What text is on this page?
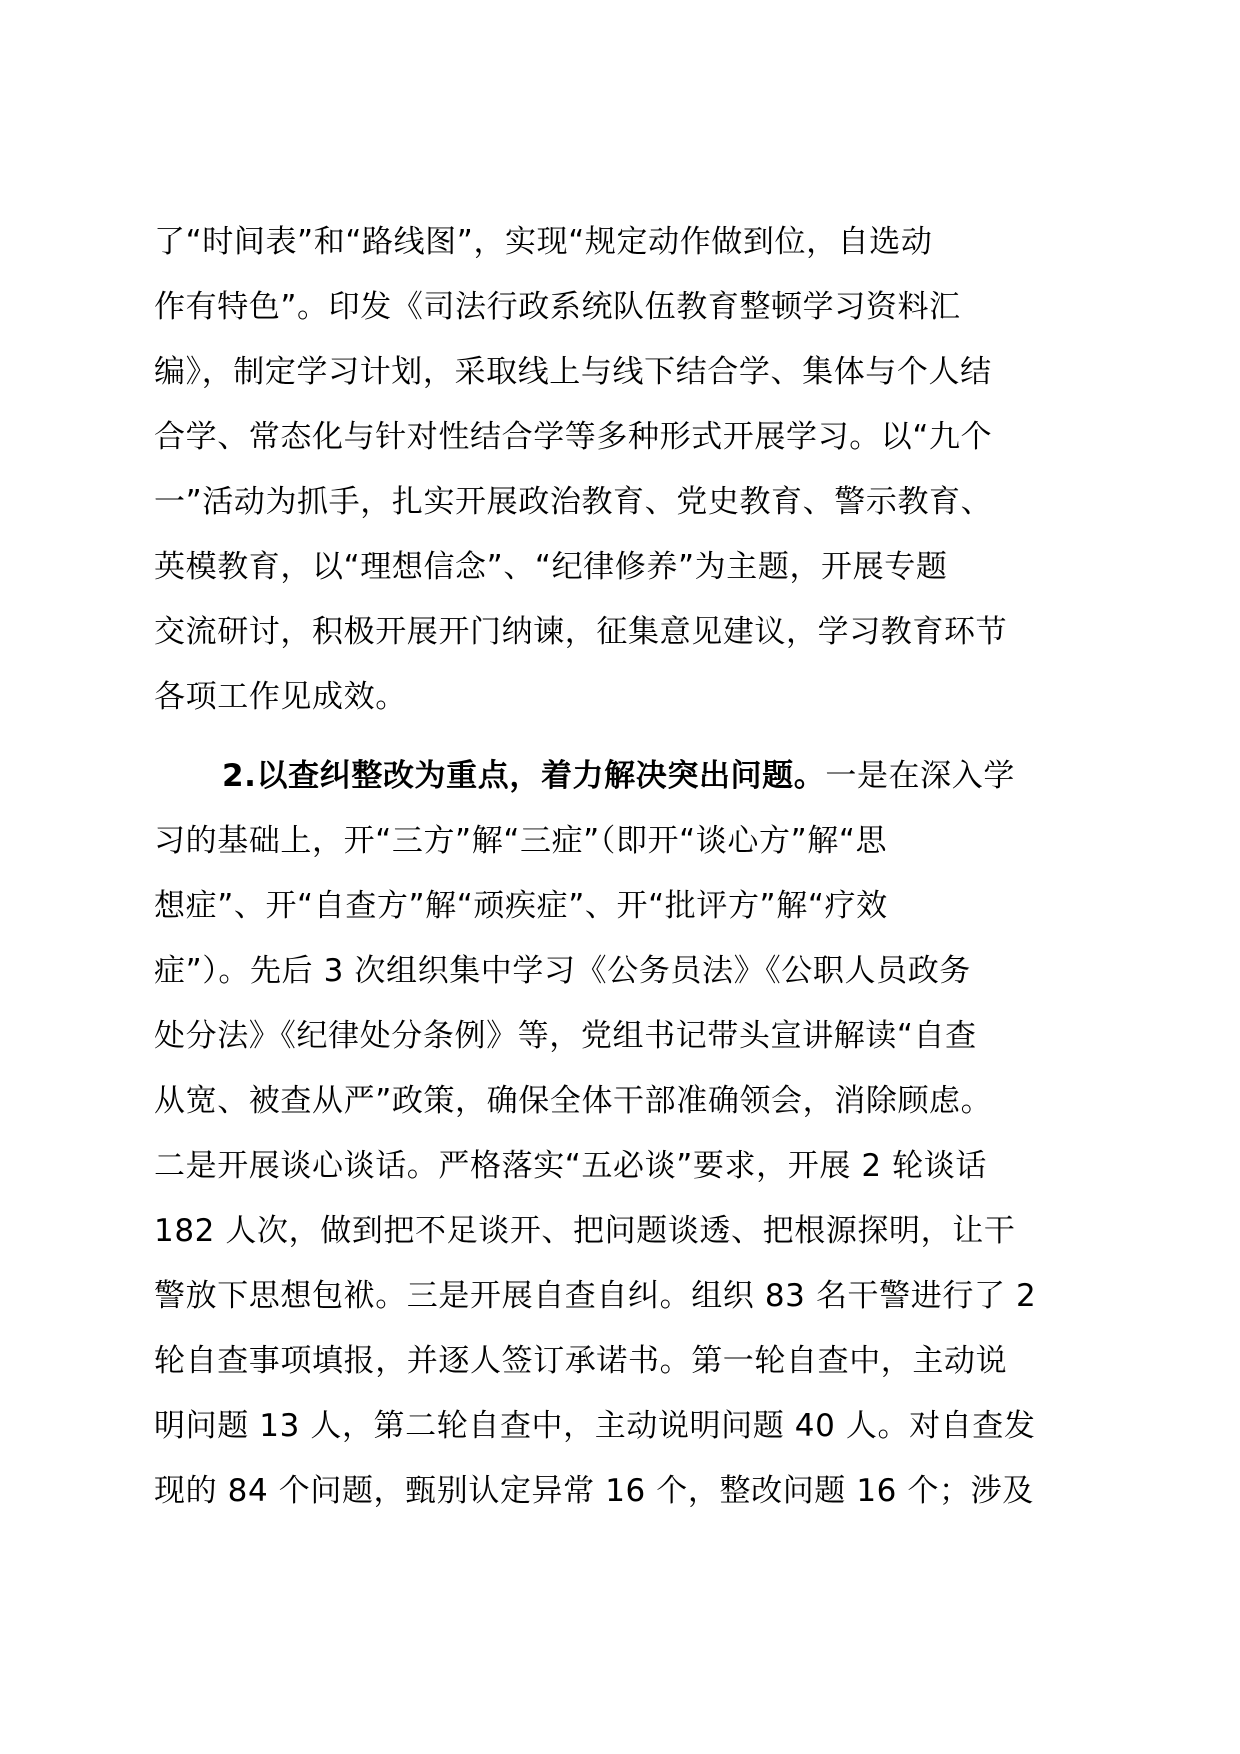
了“时间表”和“路线图”，实现“规定动作做到位，自选动
作有特色”。印发《司法行政系统队伍教育整顿学习资料汇
编》，制定学习计划，采取线上与线下结合学、集体与个人结
合学、常态化与针对性结合学等多种形式开展学习。以“九个
一”活动为抓手，扎实开展政治教育、党史教育、警示教育、
英模教育，以“理想信念”、“纪律修养”为主题，开展专题
交流研讨，积极开展开门纳谏，征集意见建议，学习教育环节
各项工作见成效。
2.以查纠整改为重点，着力解决突出问题。一是在深入学
习的基础上，开“三方”解“三症”（即开“谈心方”解“思
想症”、开“自查方”解“顽疾症”、开“批评方”解“疗效
症”）。先后 3 次组织集中学习《公务员法》《公职人员政务
处分法》《纪律处分条例》等，党组书记带头宣讲解读“自查
从宽、被查从严”政策，确保全体干部准确领会，消除顾虑。
二是开展谈心谈话。严格落实“五必谈”要求，开展 2 轮谈话
182 人次，做到把不足谈开、把问题谈透、把根源探明，让干
警放下思想包袱。三是开展自查自纠。组织 83 名干警进行了 2
轮自查事项填报，并逐人签订承诺书。第一轮自查中，主动说
明问题 13 人，第二轮自查中，主动说明问题 40 人。对自查发
现的 84 个问题，甄别认定异常 16 个，整改问题 16 个；涉及
